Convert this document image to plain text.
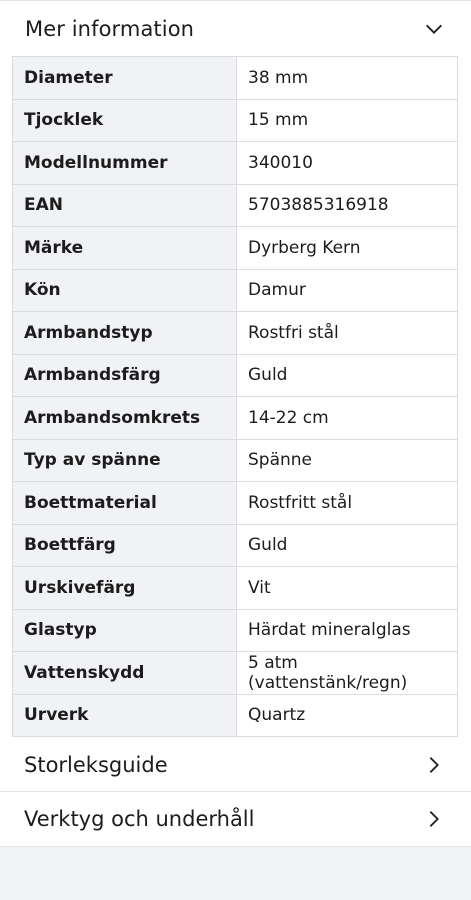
Mer information
Diameter	38 mm
Tjocklek	15 mm
Modellnummer	340010
EAN	5703885316918
Märke	Dyrberg Kern
Kön	Damur
Armbandstyp	Rostfri stål
Armbandsfärg	Guld
Armbandsomkrets	14-22 cm
Typ av spänne	Spänne
Boettmaterial	Rostfritt stål
Boettfärg	Guld
Urskivefärg	Vit
Glastyp	Härdat mineralglas
Vattenskydd	5 atm (vattenstänk/regn)
Urverk	Quartz
Storleksguide
Verktyg och underhåll
